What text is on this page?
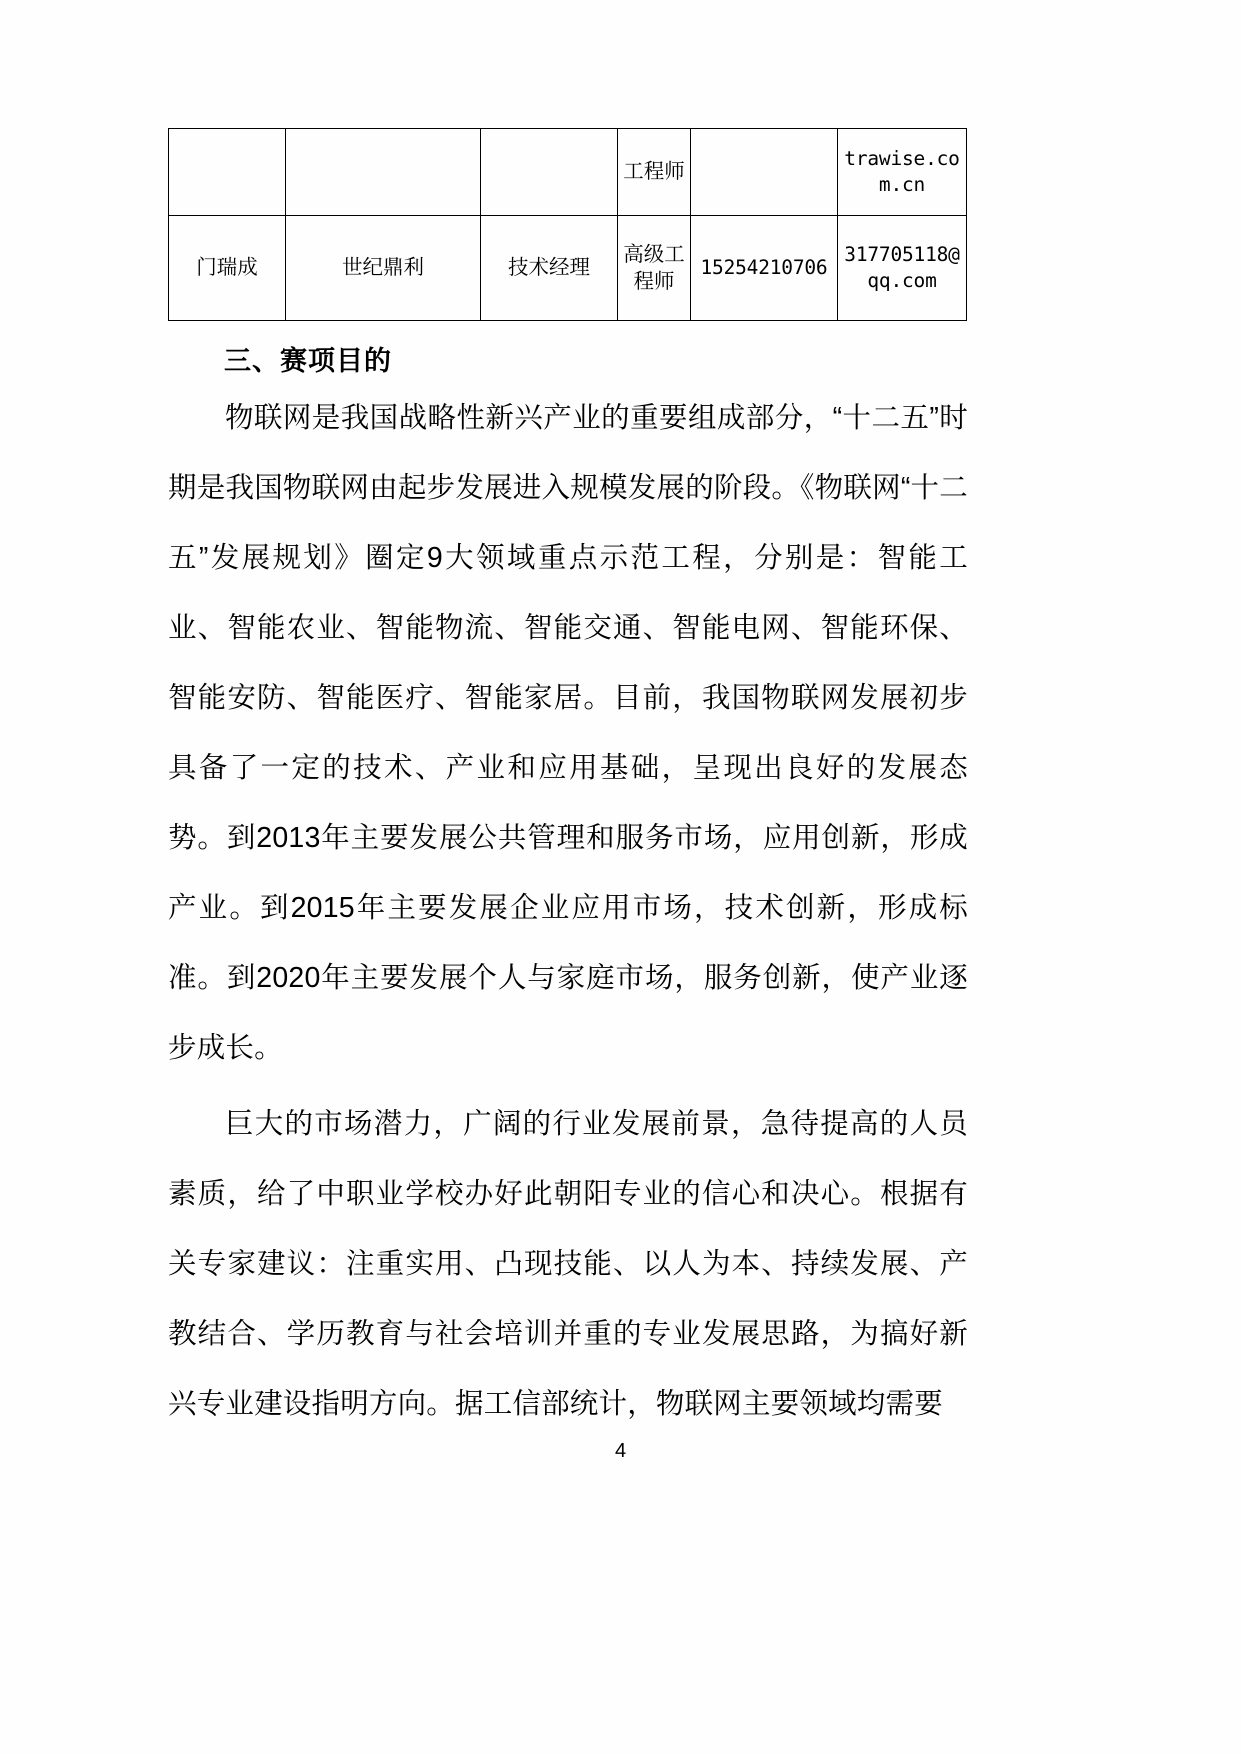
			工程师		trawise.com.cn
门瑞成	世纪鼎利	技术经理	高级工程师	15254210706	317705118@qq.com
三、赛项目的

物联网是我国战略性新兴产业的重要组成部分，“十二五”时期是我国物联网由起步发展进入规模发展的阶段。《物联网“十二五”发展规划》圈定9大领域重点示范工程，分别是：智能工业、智能农业、智能物流、智能交通、智能电网、智能环保、智能安防、智能医疗、智能家居。目前，我国物联网发展初步具备了一定的技术、产业和应用基础，呈现出良好的发展态势。到2013年主要发展公共管理和服务市场，应用创新，形成产业。到2015年主要发展企业应用市场，技术创新，形成标准。到2020年主要发展个人与家庭市场，服务创新，使产业逐步成长。

巨大的市场潜力，广阔的行业发展前景，急待提高的人员素质，给了中职业学校办好此朝阳专业的信心和决心。根据有关专家建议：注重实用、凸现技能、以人为本、持续发展、产教结合、学历教育与社会培训并重的专业发展思路，为搞好新兴专业建设指明方向。据工信部统计，物联网主要领域均需要

4
